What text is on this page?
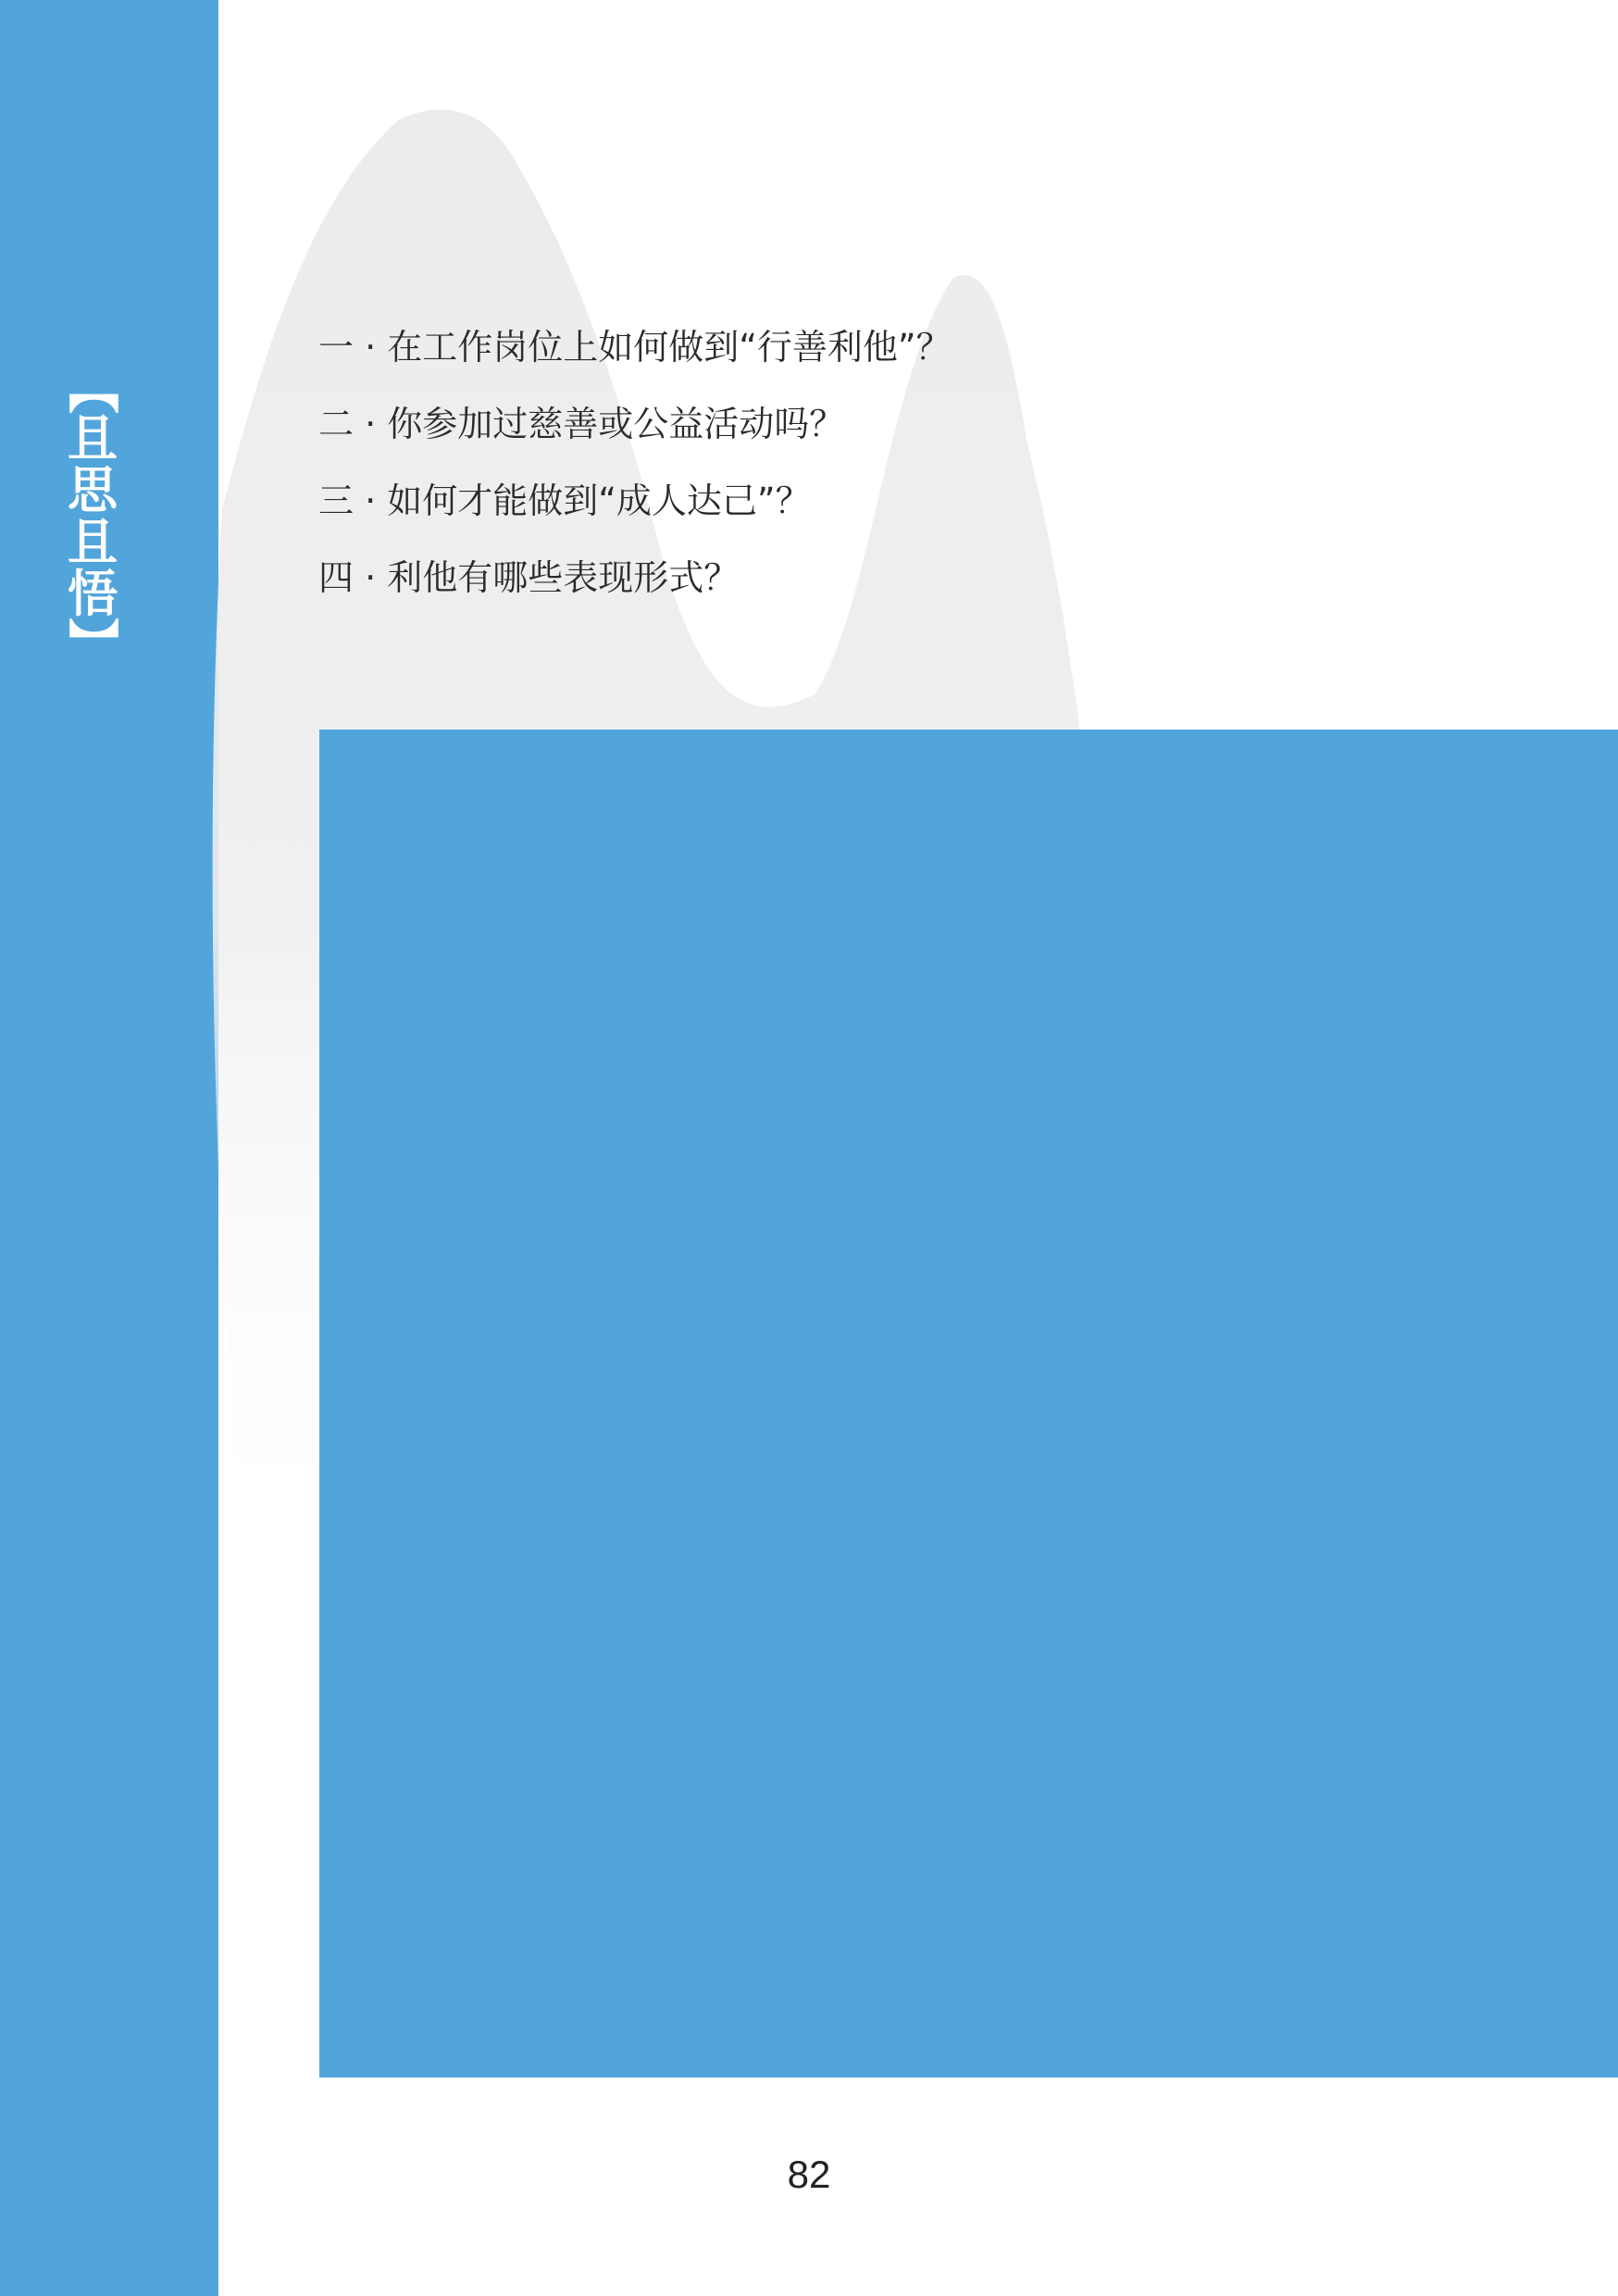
【
且
思
且
悟
】
一 · 在工作岗位上如何做到“行善利他”？
二 · 你参加过慈善或公益活动吗？
三 · 如何才能做到“成人达己”？
四 · 利他有哪些表现形式？
82
